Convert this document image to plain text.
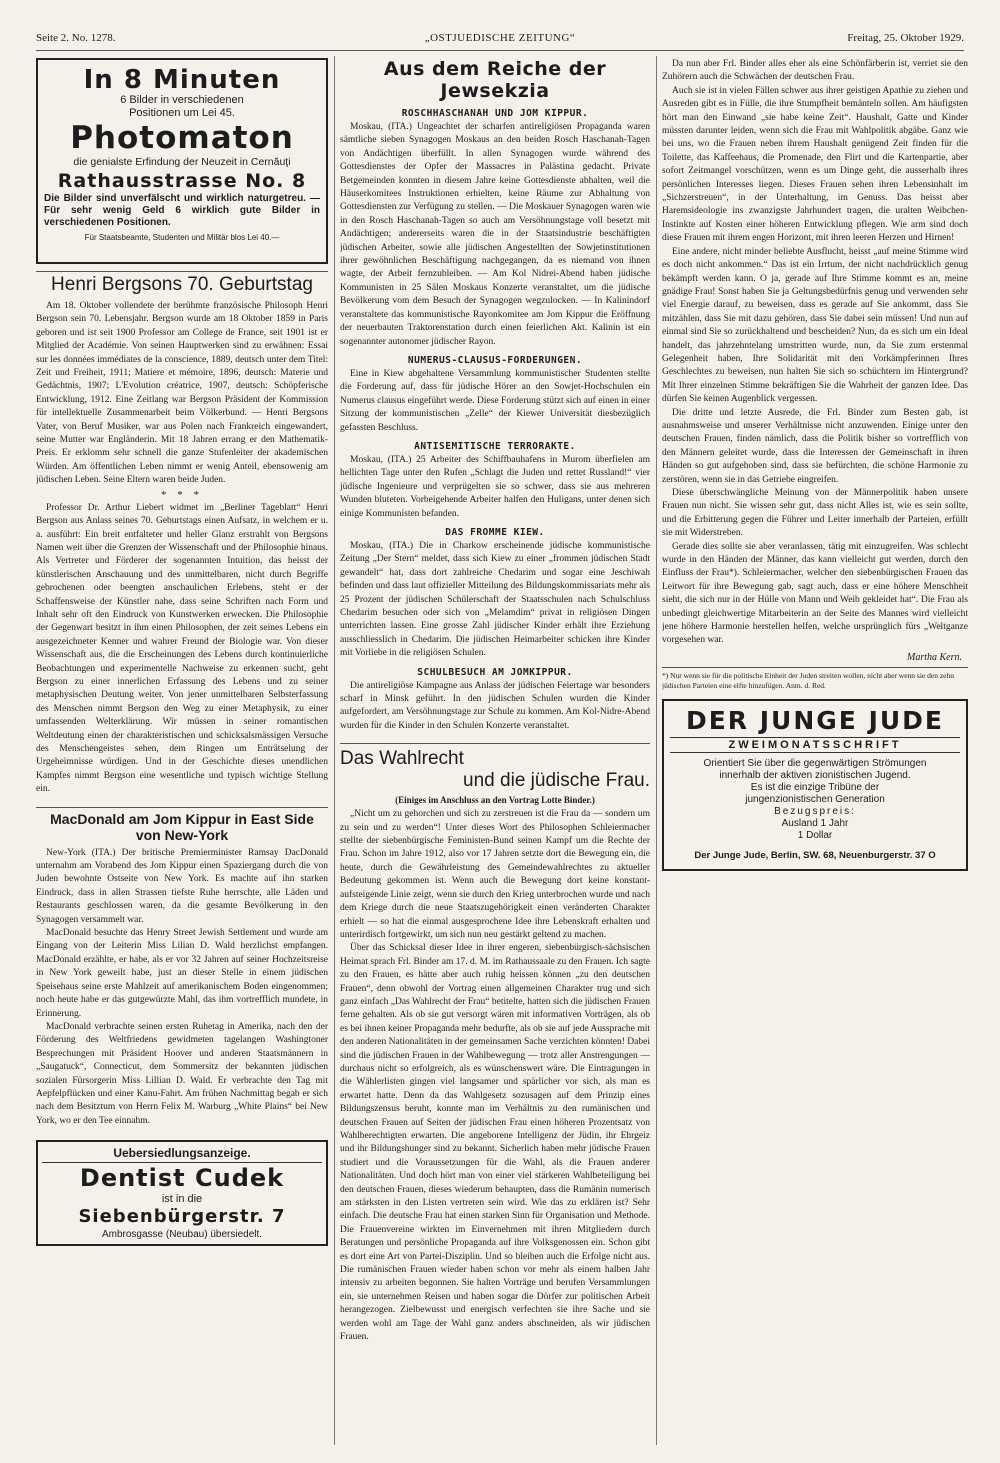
Seite 2. No. 1278.	„OSTJUEDISCHE ZEITUNG“	Freitag, 25. Oktober 1929.
In 8 Minuten
6 Bilder in verschiedenen
Positionen um Lei 45.
Photomaton
die genialste Erfindung der Neuzeit in Cernăuţi
Rathausstrasse No. 8
Die Bilder sind unverfälscht und wirklich naturgetreu. — Für sehr wenig Geld 6 wirklich gute Bilder in verschiedenen Positionen.
Für Staatsbeamte, Studenten und Militär blos Lei 40.—
Henri Bergsons 70. Geburtstag

Am 18. Oktober vollendete der berühmte französische Philosoph Henri Bergson sein 70. Lebensjahr. Bergson wurde am 18 Oktober 1859 in Paris geboren und ist seit 1900 Professor am College de France, seit 1901 ist er Mitglied der Académie. Von seinen Hauptwerken sind zu erwähnen: Essai sur les données immédiates de la conscience, 1889, deutsch unter dem Titel: Zeit und Freiheit, 1911; Matiere et mémoire, 1896, deutsch: Materie und Gedächtnis, 1907; L'Evolution créatrice, 1907, deutsch: Schöpferische Entwicklung, 1912. Eine Zeitlang war Bergson Präsident der Kommission für intellektuelle Zusammenarbeit beim Völkerbund. — Henri Bergsons Vater, von Beruf Musiker, war aus Polen nach Frankreich eingewandert, seine Mutter war Engländerin. Mit 18 Jahren errang er den Mathematik-Preis. Er erklomm sehr schnell die ganze Stufenleiter der akademischen Würden. Am öffentlichen Leben nimmt er wenig Anteil, ebensowenig am jüdischen Leben. Seine Eltern waren beide Juden.

* * *

Professor Dr. Arthur Liebert widmet im „Berliner Tageblatt“ Henri Bergson aus Anlass seines 70. Geburtstags einen Aufsatz, in welchem er u. a. ausführt: Ein breit entfalteter und heller Glanz erstrahlt von Bergsons Namen weit über die Grenzen der Wissenschaft und der Philosophie hinaus. Als Vertreter und Förderer der sogenannten Intuition, das heisst der künstlerischen Anschauung und des unmittelbaren, nicht durch Begriffe gebrochenen oder beengten anschaulichen Erlebens, steht er der Schaffensweise der Künstler nahe, dass seine Schriften nach Form und Inhalt sehr oft den Eindruck von Kunstwerken erwecken. Die Philosophie der Gegenwart besitzt in ihm einen Philosophen, der zeit seines Lebens ein ausgezeichneter Kenner und wahrer Freund der Biologie war. Von dieser Wissenschaft aus, die die Erscheinungen des Lebens durch kontinuierliche Beobachtungen und experimentelle Nachweise zu erkennen sucht, geht Bergson zu einer innerlichen Erfassung des Lebens und zu seiner metaphysischen Deutung weiter. Von jener unmittelbaren Selbsterfassung des Menschen nimmt Bergson den Weg zu einer Metaphysik, zu einer umfassenden Welterklärung. Wir müssen in seiner romantischen Weltdeutung einen der charakteristischen und schicksalsmässigen Versuche des Menschengeistes sehen, dem Ringen um Enträtselung der Urgeheimnisse würdigen. Und in der Geschichte dieses unendlichen Kampfes nimmt Bergson eine wesentliche und typisch wichtige Stellung ein.

MacDonald am Jom Kippur in East Side von New-York

New-York (ITA.) Der britische Premierminister Ramsay DacDonald unternahm am Vorabend des Jom Kippur einen Spaziergang durch die von Juden bewohnte Ostseite von New York. Es machte auf ihn starken Eindruck, dass in allen Strassen tiefste Ruhe herrschte, alle Läden und Restaurants geschlossen waren, da die gesamte Bevölkerung in den Synagogen versammelt war.

MacDonald besuchte das Henry Street Jewish Settlement und wurde am Eingang von der Leiterin Miss Lilian D. Wald herzlichst empfangen. MacDonald erzählte, er habe, als er vor 32 Jahren auf seiner Hochzeitsreise in New York geweilt habe, just an dieser Stelle in einem jüdischen Speisehaus seine erste Mahlzeit auf amerikanischem Boden eingenommen; noch heute habe er das gutgewürzte Mahl, das ihm vortrefflich mundete, in Erinnerung.

MacDonald verbrachte seinen ersten Ruhetag in Amerika, nach den der Förderung des Weltfriedens gewidmeten tagelangen Washingtoner Besprechungen mit Präsident Hoover und anderen Staatsmännern in „Saugatuck“, Connecticut, dem Sommersitz der bekannten jüdischen sozialen Fürsorgerin Miss Lillian D. Wald. Er verbrachte den Tag mit Aepfelpflücken und einer Kanu-Fahrt. Am frühen Nachmittag begab er sich nach dem Besitztum von Herrn Felix M. Warburg „White Plains“ bei New York, wo er den Tee einnahm.

Uebersiedlungsanzeige.
Dentist Cudek
ist in die
Siebenbürgerstr. 7
Ambrosgasse (Neubau) übersiedelt.
Aus dem Reiche der Jewsekzia
ROSCHHASCHANAH UND JOM KIPPUR.

Moskau, (ITA.) Ungeachtet der scharfen antireligiösen Propaganda waren sämtliche sieben Synagogen Moskaus an den beiden Rosch Haschanah-Tagen von Andächtigen überfüllt. In allen Synagogen wurde während des Gottesdienstes der Opfer der Massacres in Palästina gedacht. Private Betgemeinden konnten in diesem Jahre keine Gottesdienste abhalten, weil die Häuserkomitees Instruktionen erhielten, keine Räume zur Abhaltung von Gottesdiensten zur Verfügung zu stellen. — Die Moskauer Synagogen waren wie in den Rosch Haschanah-Tagen so auch am Versöhnungstage voll besetzt mit Andächtigen; andererseits waren die in der Staatsindustrie beschäftigten jüdischen Arbeiter, sowie alle jüdischen Angestellten der Sowjetinstitutionen ihrer gewöhnlichen Beschäftigung nachgegangen, da es niemand von ihnen wagte, der Arbeit fernzubleiben. — Am Kol Nidrei-Abend haben jüdische Kommunisten in 25 Sälen Moskaus Konzerte veranstaltet, um die jüdische Bevölkerung vom dem Besuch der Synagogen wegzulocken. — In Kalinindorf veranstaltete das kommunistische Rayonkomitee am Jom Kippur die Eröffnung der neuerbauten Traktorenstation durch einen feierlichen Akt. Kalinin ist ein sogenannter autonomer jüdischer Rayon.

NUMERUS-CLAUSUS-FORDERUNGEN.

Eine in Kiew abgehaltene Versammlung kommunistischer Studenten stellte die Forderung auf, dass für jüdische Hörer an den Sowjet-Hochschulen ein Numerus clausus eingeführt werde. Diese Forderung stützt sich auf einen in einer Sitzung der kommunistischen „Zelle“ der Kiewer Universität diesbezüglich gefassten Beschluss.

ANTISEMITISCHE TERRORAKTE.

Moskau, (ITA.) 25 Arbeiter des Schiffbauhafens in Murom überfielen am hellichten Tage unter den Rufen „Schlagt die Juden und rettet Russland!“ vier jüdische Ingenieure und verprügelten sie so schwer, dass sie aus mehreren Wunden bluteten. Vorbeigehende Arbeiter halfen den Huligans, unter denen sich einige Kommunisten befanden.

DAS FROMME KIEW.

Moskau, (ITA.) Die in Charkow erscheinende jüdische kommunistische Zeitung „Der Stern“ meldet, dass sich Kiew zu einer „frommen jüdischen Stadt gewandelt“ hat, dass dort zahlreiche Chedarim und sogar eine Jeschiwah befinden und dass laut offizieller Mitteilung des Bildungskommissariats mehr als 25 Prozent der jüdischen Schülerschaft der Staatsschulen nach Schulschluss Chedarim besuchen oder sich von „Melamdim“ privat in religiösen Dingen unterrichten lassen. Eine grosse Zahl jüdischer Kinder erhält ihre Erziehung ausschliesslich in Chedarim. Die jüdischen Heimarbeiter schicken ihre Kinder mit Vorliebe in die religiösen Schulen.

SCHULBESUCH AM JOMKIPPUR.

Die antireligiöse Kampagne aus Anlass der jüdischen Feiertage war besonders scharf in Minsk geführt. In den jüdischen Schulen wurden die Kinder aufgefordert, am Versöhnungstage zur Schule zu kommen. Am Kol-Nidre-Abend wurden für die Kinder in den Schulen Konzerte veranstaltet.

Das Wahlrecht
und die jüdische Frau.
(Einiges im Anschluss an den Vortrag Lotte Binder.)

„Nicht um zu gehorchen und sich zu zerstreuen ist die Frau da — sondern um zu sein und zu werden“! Unter dieses Wort des Philosophen Schleiermacher stellte der siebenbürgische Feministen-Bund seinen Kampf um die Rechte der Frau. Schon im Jahre 1912, also vor 17 Jahren setzte dort die Bewegung ein, die heute, durch die Gewährleistung des Gemeindewahlrechtes zu aktueller Bedeutung gekommen ist. Wenn auch die Bewegung dort keine konstant-aufsteigende Linie zeigt, wenn sie durch den Krieg unterbrochen wurde und nach dem Kriege durch die neue Staatszugehörigkeit einen veränderten Charakter erhielt — so hat die einmal ausgesprochene Idee ihre Lebenskraft erhalten und unterirdisch fortgewirkt, um sich nun neu gestärkt geltend zu machen.

Über das Schicksal dieser Idee in ihrer engeren, siebenbürgisch-sächsischen Heimat sprach Frl. Binder am 17. d. M. im Rathaussaale zu den Frauen. Ich sagte zu den Frauen, es hätte aber auch ruhig heissen können „zu den deutschen Frauen“, denn obwohl der Vortrag einen allgemeinen Charakter trug und sich ganz einfach „Das Wahlrecht der Frau“ betitelte, hatten sich die jüdischen Frauen ferne gehalten. Als ob sie gut versorgt wären mit informativen Vorträgen, als ob es bei ihnen keiner Propaganda mehr bedurfte, als ob sie auf jede Aussprache mit den anderen Nationalitäten in der gemeinsamen Sache verzichten könnten! Dabei sind die jüdischen Frauen in der Wahlbewegung — trotz aller Anstrengungen — durchaus nicht so erfolgreich, als es wünschenswert wäre. Die Eintragungen in die Wählerlisten gingen viel langsamer und spärlicher vor sich, als man es erwartet hatte. Denn da das Wahlgesetz sozusagen auf dem Prinzip eines Bildungszensus beruht, konnte man im Verhältnis zu den rumänischen und deutschen Frauen auf Seiten der jüdischen Frau einen höheren Prozentsatz von Wahlberechtigten erwarten. Die angeborene Intelligenz der Jüdin, ihr Ehrgeiz und ihr Bildungshunger sind zu bekannt. Sicherlich haben mehr jüdische Frauen studiert und die Voraussetzungen für die Wahl, als die Frauen anderer Nationalitäten. Und doch hört man von einer viel stärkeren Wahlbeteiligung bei den deutschen Frauen, dieses wiederum behaupten, dass die Rumänin numerisch am stärksten in den Listen vertreten sein wird. Wie das zu erklären ist? Sehr einfach. Die deutsche Frau hat einen starken Sinn für Organisation und Methode. Die Frauenvereine wirkten im Einvernehmen mit ihren Mitgliedern durch Beratungen und persönliche Propaganda auf ihre Volksgenossen ein. Schon gibt es dort eine Art von Partei-Disziplin. Und so bleiben auch die Erfolge nicht aus. Die rumänischen Frauen wieder haben schon vor mehr als einem halben Jahr intensiv zu arbeiten begonnen. Sie halten Vorträge und berufen Versammlungen ein, sie unternehmen Reisen und haben sogar die Dörfer zur politischen Arbeit herangezogen. Zielbewusst und energisch verfechten sie ihre Sache und sie werden wohl am Tage der Wahl ganz anders abschneiden, als wir jüdischen Frauen.

Da nun aber Frl. Binder alles eher als eine Schönfärberin ist, verriet sie den Zuhörern auch die Schwächen der deutschen Frau.

Auch sie ist in vielen Fällen schwer aus ihrer geistigen Apathie zu ziehen und Ausreden gibt es in Fülle, die ihre Stumpfheit bemänteln sollen. Am häufigsten hört man den Einwand „sie habe keine Zeit“. Haushalt, Gatte und Kinder müssten darunter leiden, wenn sich die Frau mit Wahlpolitik abgäbe. Ganz wie bei uns, wo die Frauen neben ihrem Haushalt genügend Zeit finden für die Toilette, das Kaffeehaus, die Promenade, den Flirt und die Kartenpartie, aber sofort Zeitmangel vorschützen, wenn es um Dinge geht, die ausserhalb ihres persönlichen Interesses liegen. Dieses Frauen sehen ihren Lebensinhalt im „Sichzerstreuen“, in der Unterhaltung, im Genuss. Das heisst aber Haremsideologie ins zwanzigste Jahrhundert tragen, die uralten Weibchen-Instinkte auf Kosten einer höheren Entwicklung pflegen. Wie arm sind doch diese Frauen mit ihrem engen Horizont, mit ihren leeren Herzen und Hirnen!

Eine andere, nicht minder beliebte Ausflucht, heisst „auf meine Stimme wird es doch nicht ankommen.“ Das ist ein Irrtum, der nicht nachdrücklich genug bekämpft werden kann. O ja, gerade auf Ihre Stimme kommt es an, meine gnädige Frau! Sonst haben Sie ja Geltungsbedürfnis genug und verwenden sehr viel Energie darauf, zu beweisen, dass es gerade auf Sie ankommt, dass Sie mitzählen, dass Sie mit dazu gehören, dass Sie dabei sein müssen! Und nun auf einmal sind Sie so zurückhaltend und bescheiden? Nun, da es sich um ein Ideal handelt, das jahrzehntelang umstritten wurde, nun, da Sie zum erstenmal Gelegenheit haben, Ihre Solidarität mit den Vorkämpferinnen Ihres Geschlechtes zu beweisen, nun halten Sie sich so schüchtern im Hintergrund? Mit Ihrer einzelnen Stimme bekräftigen Sie die Wahrheit der ganzen Idee. Das dürfen Sie keinen Augenblick vergessen.

Die dritte und letzte Ausrede, die Frl. Binder zum Besten gab, ist ausnahmsweise und unserer Verhältnisse nicht anzuwenden. Einige unter den deutschen Frauen, finden nämlich, dass die Politik bisher so vortrefflich von den Männern geleitet wurde, dass die Interessen der Gemeinschaft in ihren Händen so gut aufgehoben sind, dass sie befürchten, die schöne Harmonie zu zerstören, wenn sie in das Getriebe eingreifen.

Diese überschwängliche Meinung von der Männerpolitik haben unsere Frauen nun nicht. Sie wissen sehr gut, dass nicht Alles ist, wie es sein sollte, und die Erbitterung gegen die Führer und Leiter innerhalb der Parteien, erfüllt sie mit Widerstreben.

Gerade dies sollte sie aber veranlassen, tätig mit einzugreifen. Was schlecht wurde in den Händen der Männer, das kann vielleicht gut werden, durch den Einfluss der Frau*). Schleiermacher, welcher den siebenbürgischen Frauen das Leitwort für ihre Bewegung gab, sagt auch, dass er eine höhere Menschheit sieht, die sich nur in der Hülle von Mann und Weib gekleidet hat“. Die Frau als unbedingt gleichwertige Mitarbeiterin an der Seite des Mannes wird vielleicht jene höhere Harmonie herstellen helfen, welche ursprünglich fürs „Weltganze vorgesehen war.

Martha Kern.
*) Nur wenn sie für die politische Einheit der Juden streiten wollen, nicht aber wenn sie den zehn jüdischen Parteien eine elfte hinzufügen. Anm. d. Red.
DER JUNGE JUDE
ZWEIMONATSSCHRIFT
Orientiert Sie über die gegenwärtigen Strömungen
innerhalb der aktiven zionistischen Jugend.
Es ist die einzige Tribüne der
jungenzionistischen Generation
Bezugspreis:
Ausland 1 Jahr
1 Dollar
Der Junge Jude, Berlin, SW. 68, Neuenburgerstr. 37 O
